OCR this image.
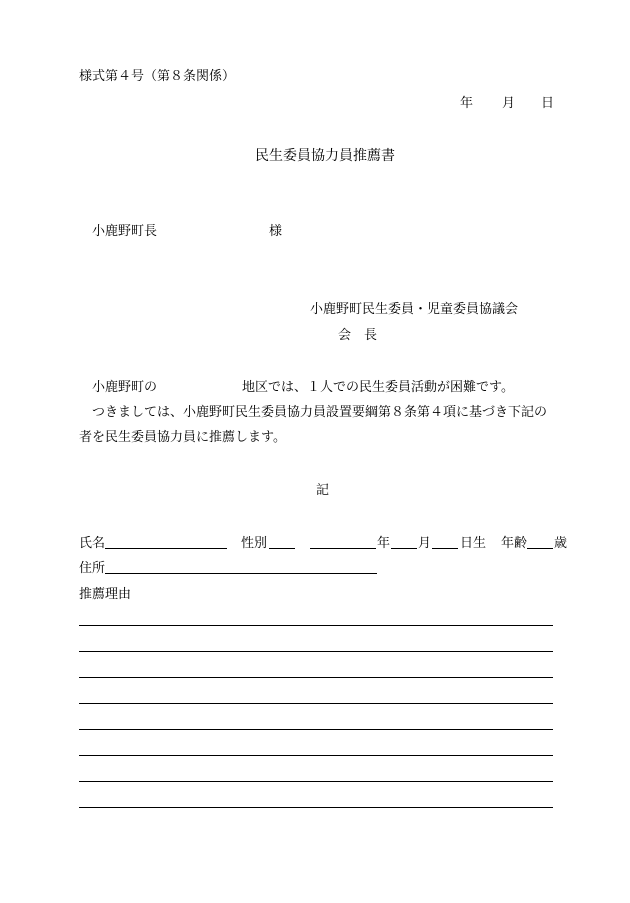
様式第４号（第８条関係）
年 月 日
民生委員協力員推薦書
小鹿野町長	様
小鹿野町民生委員・児童委員協議会
会　長
小鹿野町の	地区では、１人での民生委員活動が困難です。
つきましては、小鹿野町民生委員協力員設置要綱第８条第４項に基づき下記の
者を民生委員協力員に推薦します。
記
氏名	性別	年 月 日生 年齢 歳
住所
推薦理由
